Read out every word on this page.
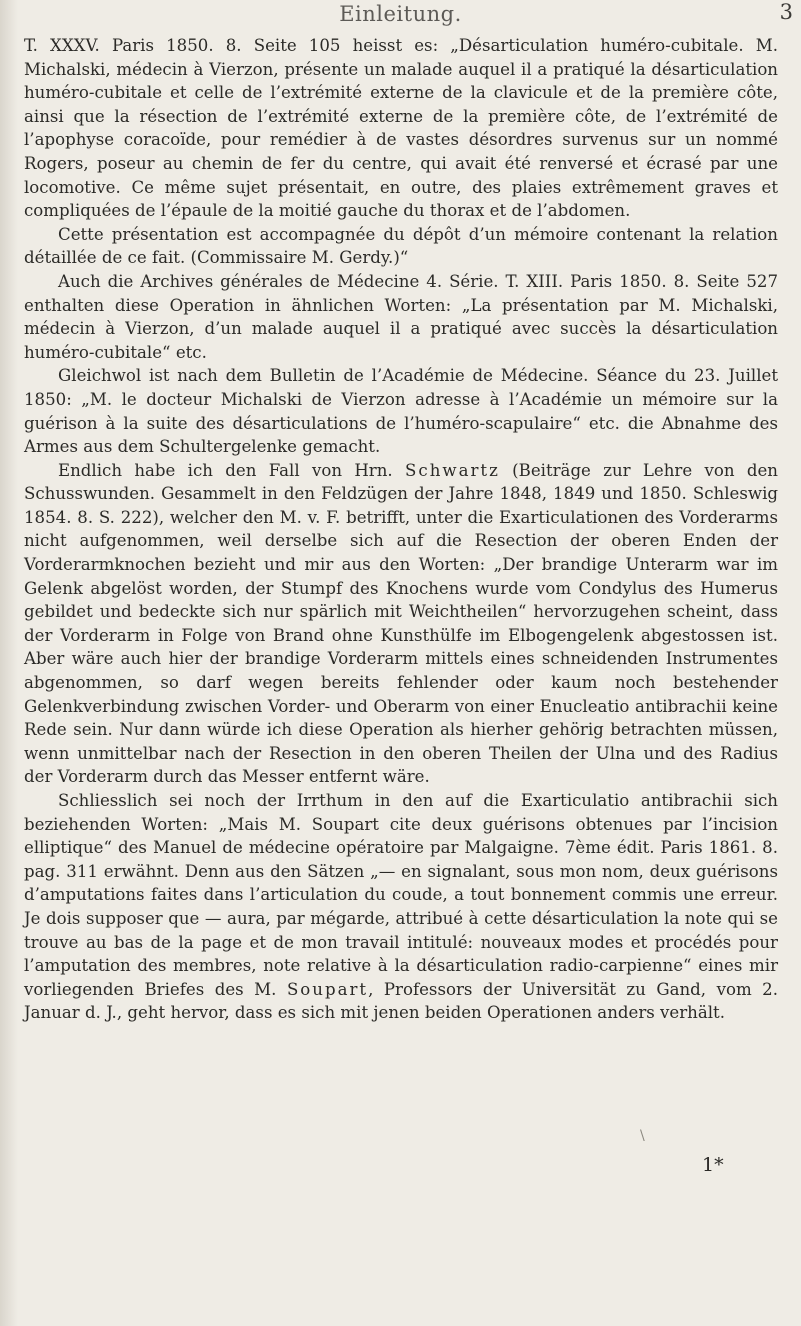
Einleitung.	3

T. XXXV. Paris 1850. 8. Seite 105 heisst es: „Désarticulation huméro-cubitale. M. Michalski, médecin à Vierzon, présente un malade auquel il a pratiqué la désarticulation huméro-cubitale et celle de l’extrémité externe de la clavicule et de la première côte, ainsi que la résection de l’extrémité externe de la première côte, de l’extrémité de l’apophyse coracoïde, pour remédier à de vastes désordres survenus sur un nommé Rogers, poseur au chemin de fer du centre, qui avait été renversé et écrasé par une locomotive. Ce même sujet présentait, en outre, des plaies extrêmement graves et compliquées de l’épaule de la moitié gauche du thorax et de l’abdomen.

Cette présentation est accompagnée du dépôt d’un mémoire contenant la relation détaillée de ce fait. (Commissaire M. Gerdy.)“

Auch die Archives générales de Médecine 4. Série. T. XIII. Paris 1850. 8. Seite 527 enthalten diese Operation in ähnlichen Worten: „La présentation par M. Michalski, médecin à Vierzon, d’un malade auquel il a pratiqué avec succès la désarticulation huméro-cubitale“ etc.

Gleichwol ist nach dem Bulletin de l’Académie de Médecine. Séance du 23. Juillet 1850: „M. le docteur Michalski de Vierzon adresse à l’Académie un mémoire sur la guérison à la suite des désarticulations de l’huméro-scapulaire“ etc. die Abnahme des Armes aus dem Schultergelenke gemacht.

Endlich habe ich den Fall von Hrn. Schwartz (Beiträge zur Lehre von den Schusswunden. Gesammelt in den Feldzügen der Jahre 1848, 1849 und 1850. Schleswig 1854. 8. S. 222), welcher den M. v. F. betrifft, unter die Exarticulationen des Vorderarms nicht aufgenommen, weil derselbe sich auf die Resection der oberen Enden der Vorderarmknochen bezieht und mir aus den Worten: „Der brandige Unterarm war im Gelenk abgelöst worden, der Stumpf des Knochens wurde vom Condylus des Humerus gebildet und bedeckte sich nur spärlich mit Weichtheilen“ hervorzugehen scheint, dass der Vorderarm in Folge von Brand ohne Kunsthülfe im Elbogengelenk abgestossen ist. Aber wäre auch hier der brandige Vorderarm mittels eines schneidenden Instrumentes abgenommen, so darf wegen bereits fehlender oder kaum noch bestehender Gelenkverbindung zwischen Vorder- und Oberarm von einer Enucleatio antibrachii keine Rede sein. Nur dann würde ich diese Operation als hierher gehörig betrachten müssen, wenn unmittelbar nach der Resection in den oberen Theilen der Ulna und des Radius der Vorderarm durch das Messer entfernt wäre.

Schliesslich sei noch der Irrthum in den auf die Exarticulatio antibrachii sich beziehenden Worten: „Mais M. Soupart cite deux guérisons obtenues par l’incision elliptique“ des Manuel de médecine opératoire par Malgaigne. 7ème édit. Paris 1861. 8. pag. 311 erwähnt. Denn aus den Sätzen „— en signalant, sous mon nom, deux guérisons d’amputations faites dans l’articulation du coude, a tout bonnement commis une erreur. Je dois supposer que — aura, par mégarde, attribué à cette désarticulation la note qui se trouve au bas de la page et de mon travail intitulé: nouveaux modes et procédés pour l’amputation des membres, note relative à la désarticulation radio-carpienne“ eines mir vorliegenden Briefes des M. Soupart, Professors der Universität zu Gand, vom 2. Januar d. J., geht hervor, dass es sich mit jenen beiden Operationen anders verhält.

\
1*
